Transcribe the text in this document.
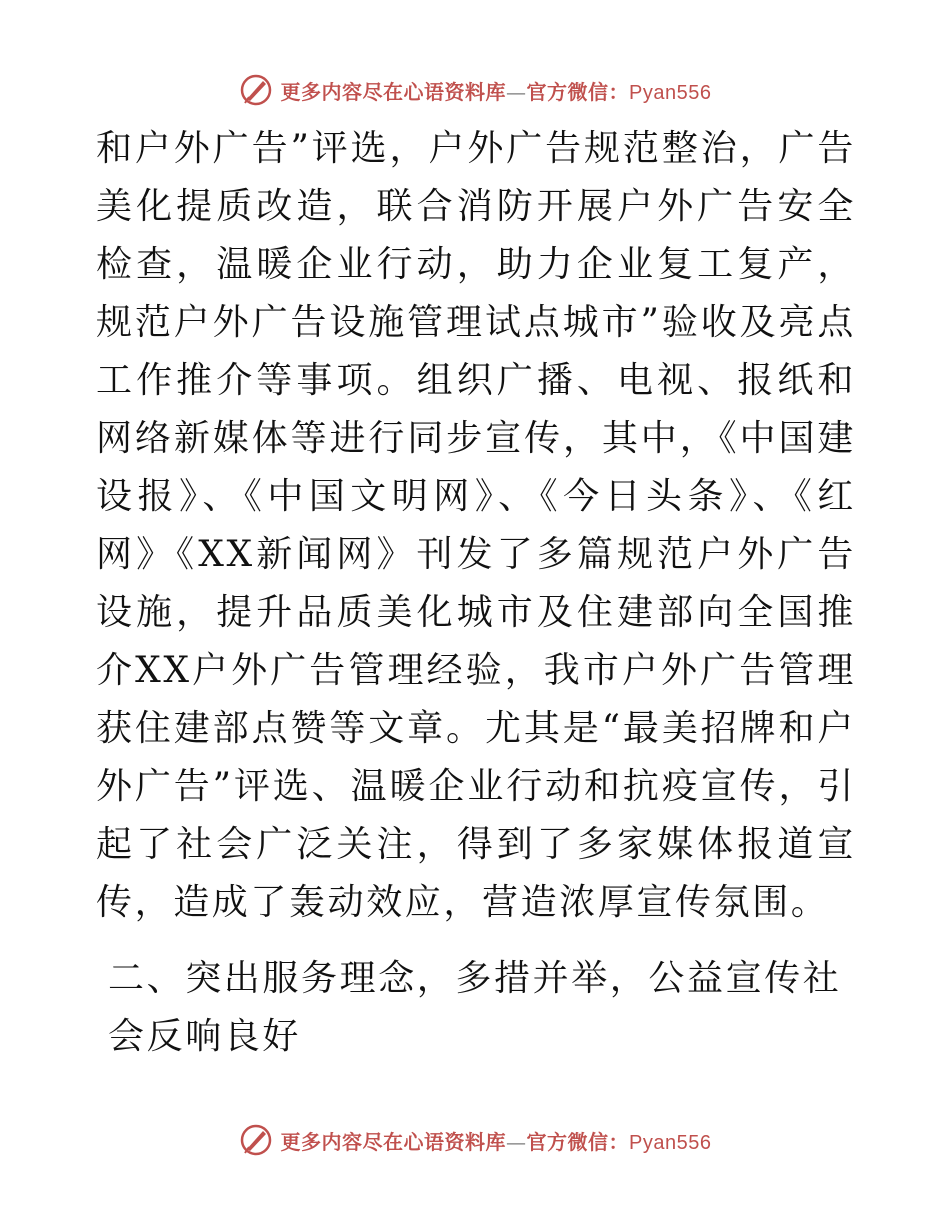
更多内容尽在心语资料库—官方微信：Pyan556

和户外广告”评选，户外广告规范整治，广告美化提质改造，联合消防开展户外广告安全检查，温暖企业行动，助力企业复工复产，规范户外广告设施管理试点城市”验收及亮点工作推介等事项。组织广播、电视、报纸和网络新媒体等进行同步宣传，其中，《中国建设报》、《中国文明网》、《今日头条》、《红网》《XX新闻网》刊发了多篇规范户外广告设施，提升品质美化城市及住建部向全国推介XX户外广告管理经验，我市户外广告管理获住建部点赞等文章。尤其是“最美招牌和户外广告”评选、温暖企业行动和抗疫宣传，引起了社会广泛关注，得到了多家媒体报道宣传，造成了轰动效应，营造浓厚宣传氛围。

二、突出服务理念，多措并举，公益宣传社会反响良好

更多内容尽在心语资料库—官方微信：Pyan556
